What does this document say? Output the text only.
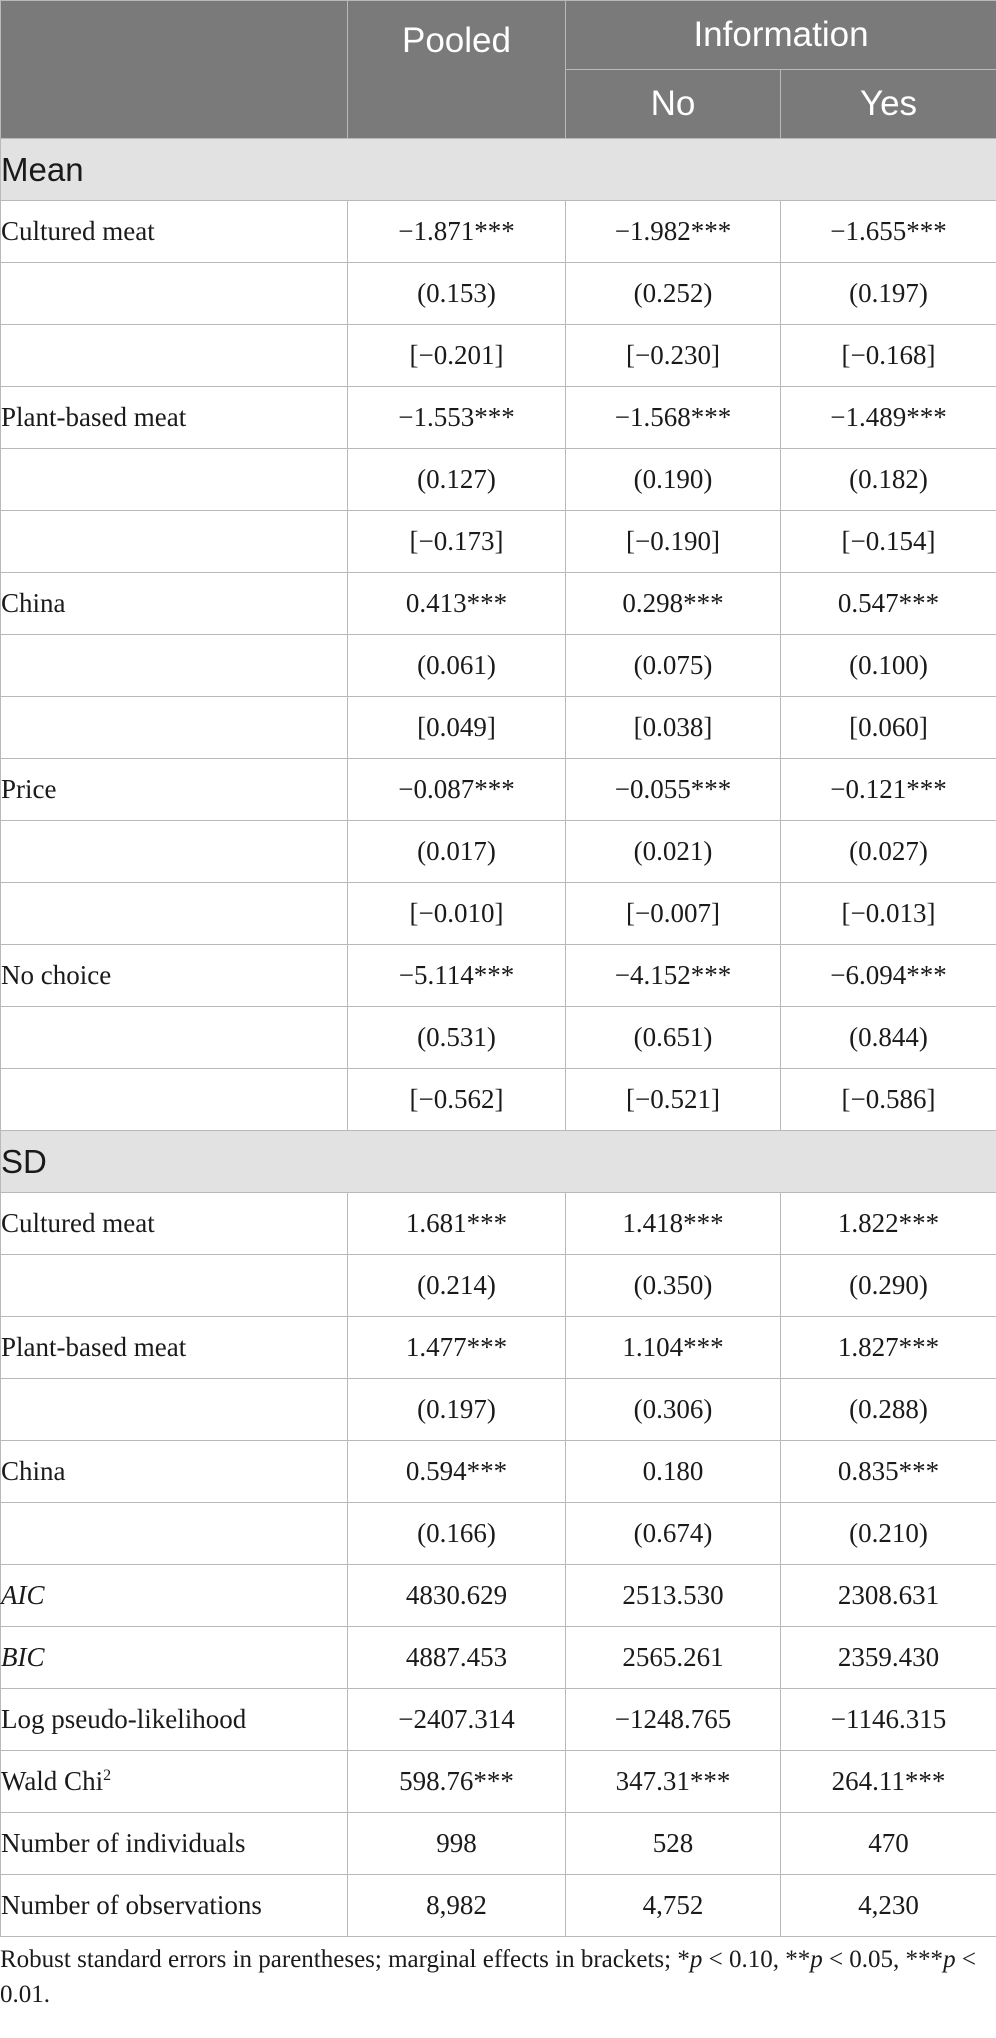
	Pooled	Information	
		No	Yes
Mean			
Cultured meat	−1.871***	−1.982***	−1.655***
	(0.153)	(0.252)	(0.197)
	[−0.201]	[−0.230]	[−0.168]
Plant-based meat	−1.553***	−1.568***	−1.489***
	(0.127)	(0.190)	(0.182)
	[−0.173]	[−0.190]	[−0.154]
China	0.413***	0.298***	0.547***
	(0.061)	(0.075)	(0.100)
	[0.049]	[0.038]	[0.060]
Price	−0.087***	−0.055***	−0.121***
	(0.017)	(0.021)	(0.027)
	[−0.010]	[−0.007]	[−0.013]
No choice	−5.114***	−4.152***	−6.094***
	(0.531)	(0.651)	(0.844)
	[−0.562]	[−0.521]	[−0.586]
SD			
Cultured meat	1.681***	1.418***	1.822***
	(0.214)	(0.350)	(0.290)
Plant-based meat	1.477***	1.104***	1.827***
	(0.197)	(0.306)	(0.288)
China	0.594***	0.180	0.835***
	(0.166)	(0.674)	(0.210)
AIC	4830.629	2513.530	2308.631
BIC	4887.453	2565.261	2359.430
Log pseudo-likelihood	−2407.314	−1248.765	−1146.315
Wald Chi$^2$	598.76***	347.31***	264.11***
Number of individuals	998	528	470
Number of observations	8,982	4,752	4,230
Robust standard errors in parentheses; marginal effects in brackets; *p < 0.10, **p < 0.05, ***p < 0.01.
